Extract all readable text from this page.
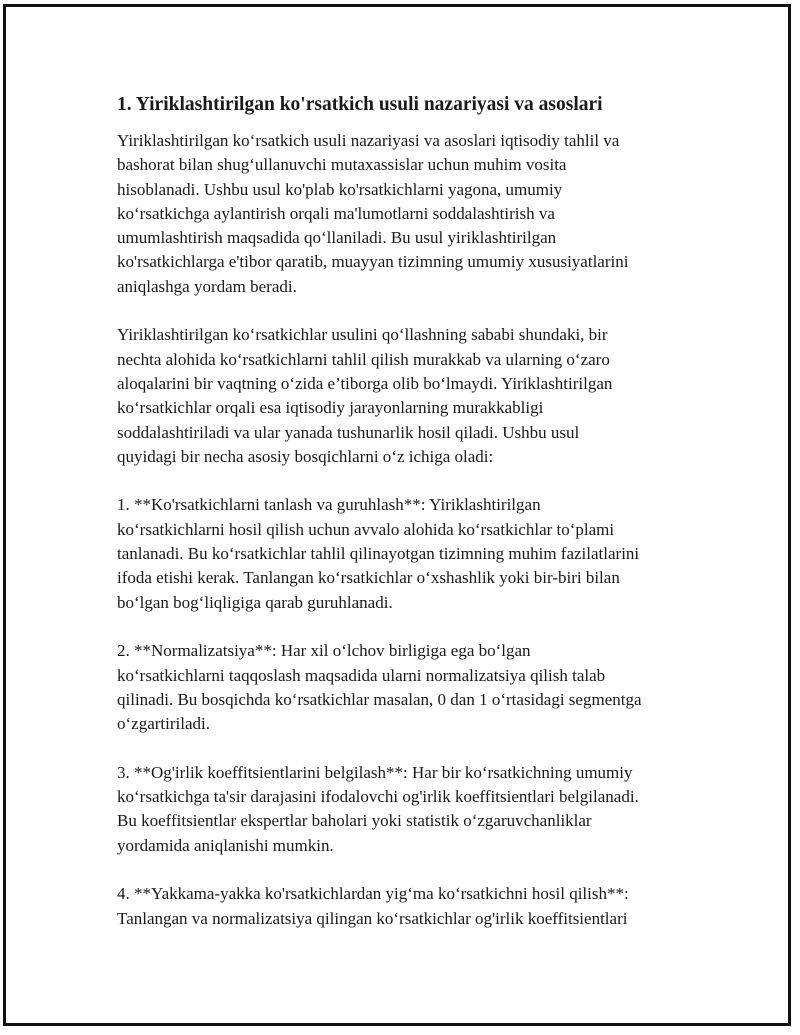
1. Yiriklashtirilgan ko'rsatkich usuli nazariyasi va asoslari
Yiriklashtirilgan ko‘rsatkich usuli nazariyasi va asoslari iqtisodiy tahlil va
bashorat bilan shug‘ullanuvchi mutaxassislar uchun muhim vosita
hisoblanadi. Ushbu usul ko'plab ko'rsatkichlarni yagona, umumiy
ko‘rsatkichga aylantirish orqali ma'lumotlarni soddalashtirish va
umumlashtirish maqsadida qo‘llaniladi. Bu usul yiriklashtirilgan
ko'rsatkichlarga e'tibor qaratib, muayyan tizimning umumiy xususiyatlarini
aniqlashga yordam beradi.
Yiriklashtirilgan ko‘rsatkichlar usulini qo‘llashning sababi shundaki, bir
nechta alohida ko‘rsatkichlarni tahlil qilish murakkab va ularning o‘zaro
aloqalarini bir vaqtning o‘zida e’tiborga olib bo‘lmaydi. Yiriklashtirilgan
ko‘rsatkichlar orqali esa iqtisodiy jarayonlarning murakkabligi
soddalashtiriladi va ular yanada tushunarlik hosil qiladi. Ushbu usul
quyidagi bir necha asosiy bosqichlarni o‘z ichiga oladi:
1. **Ko'rsatkichlarni tanlash va guruhlash**: Yiriklashtirilgan
ko‘rsatkichlarni hosil qilish uchun avvalo alohida ko‘rsatkichlar to‘plami
tanlanadi. Bu ko‘rsatkichlar tahlil qilinayotgan tizimning muhim fazilatlarini
ifoda etishi kerak. Tanlangan ko‘rsatkichlar o‘xshashlik yoki bir-biri bilan
bo‘lgan bog‘liqligiga qarab guruhlanadi.
2. **Normalizatsiya**: Har xil o‘lchov birligiga ega bo‘lgan
ko‘rsatkichlarni taqqoslash maqsadida ularni normalizatsiya qilish talab
qilinadi. Bu bosqichda ko‘rsatkichlar masalan, 0 dan 1 o‘rtasidagi segmentga
o‘zgartiriladi.
3. **Og'irlik koeffitsientlarini belgilash**: Har bir ko‘rsatkichning umumiy
ko‘rsatkichga ta'sir darajasini ifodalovchi og'irlik koeffitsientlari belgilanadi.
Bu koeffitsientlar ekspertlar baholari yoki statistik o‘zgaruvchanliklar
yordamida aniqlanishi mumkin.
4. **Yakkama-yakka ko'rsatkichlardan yig‘ma ko‘rsatkichni hosil qilish**:
Tanlangan va normalizatsiya qilingan ko‘rsatkichlar og'irlik koeffitsientlari
